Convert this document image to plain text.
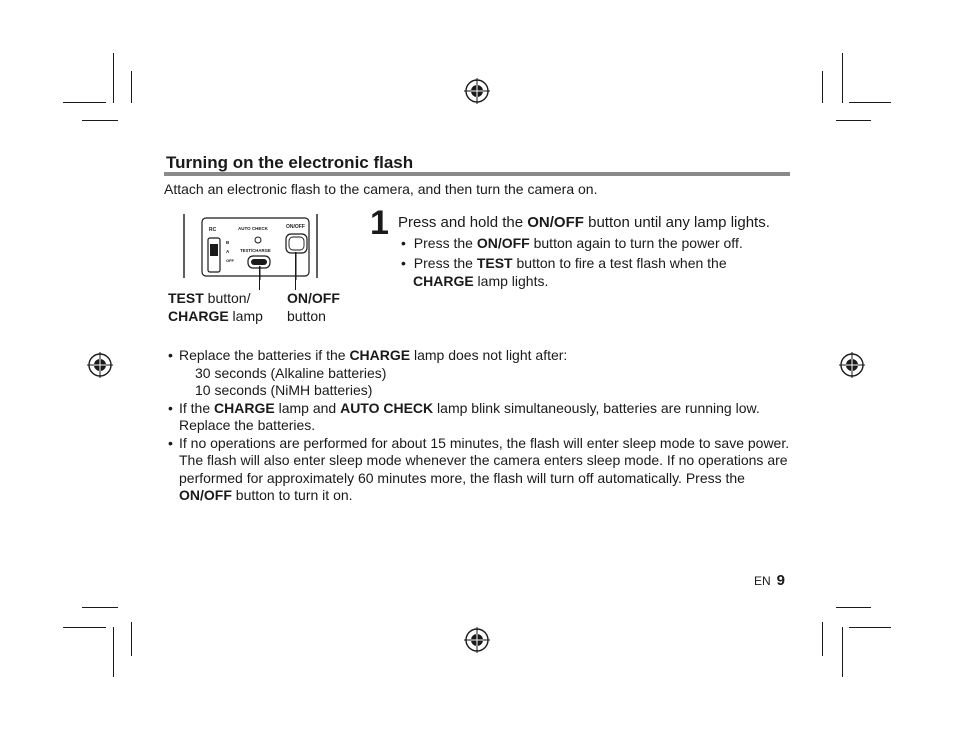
Turning on the electronic flash
Attach an electronic flash to the camera, and then turn the camera on.
RC
B
A
OFF
AUTO CHECK
TEST/CHARGE
ON/OFF
TEST button/
CHARGE lamp
ON/OFF
button
1 Press and hold the ON/OFF button until any lamp lights.
• Press the ON/OFF button again to turn the power off.
• Press the TEST button to fire a test flash when the
CHARGE lamp lights.
• Replace the batteries if the CHARGE lamp does not light after:
30 seconds (Alkaline batteries)
10 seconds (NiMH batteries)
• If the CHARGE lamp and AUTO CHECK lamp blink simultaneously, batteries are running low. Replace the batteries.
• If no operations are performed for about 15 minutes, the flash will enter sleep mode to save power. The flash will also enter sleep mode whenever the camera enters sleep mode. If no operations are performed for approximately 60 minutes more, the flash will turn off automatically. Press the ON/OFF button to turn it on.
EN 9
